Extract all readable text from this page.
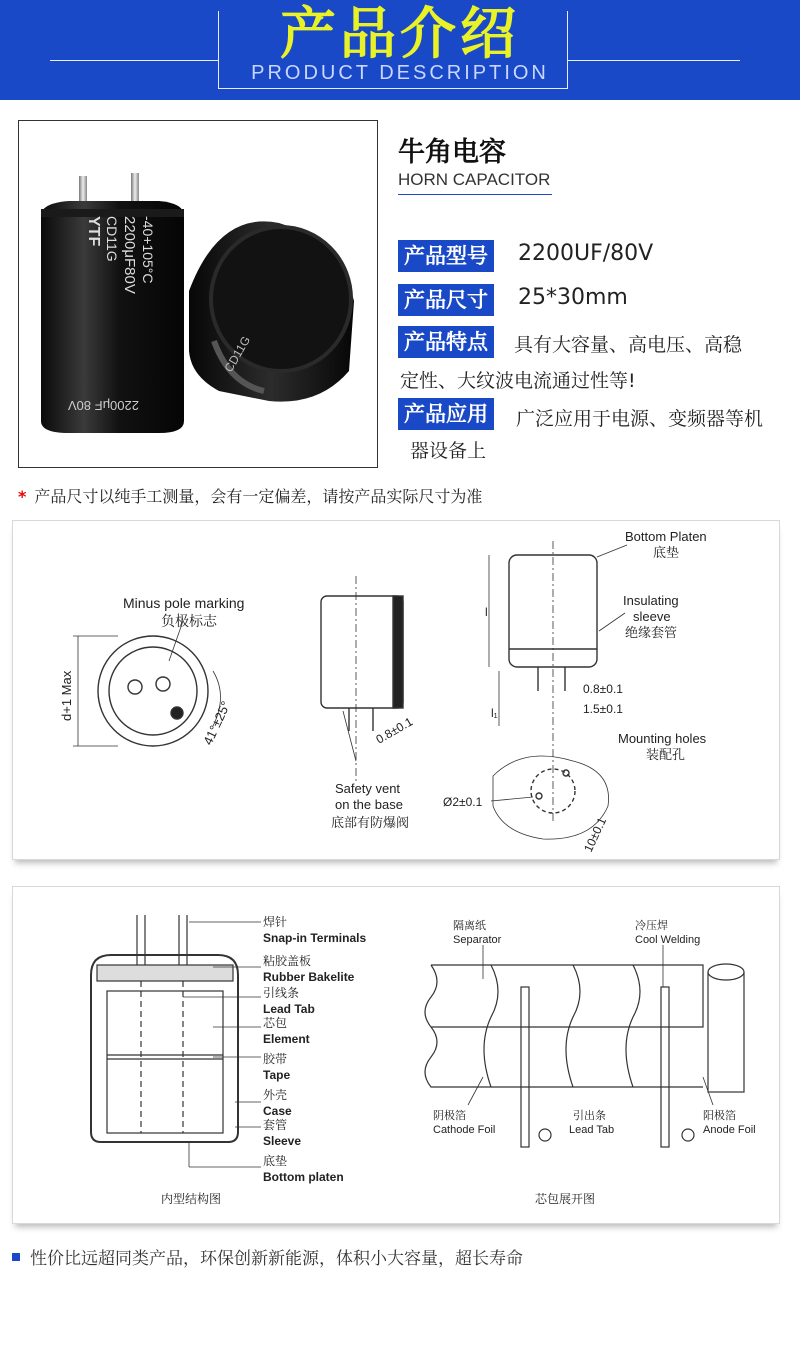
产品介绍
PRODUCT DESCRIPTION
YTF CD11G 2200μF80V -40+105°C
2200μF 80V
CD11G
牛角电容
HORN CAPACITOR
产品型号 2200UF/80V
产品尺寸 25*30mm
产品特点	具有大容量、高电压、高稳
定性、大纹波电流通过性等!
产品应用	广泛应用于电源、变频器等机
器设备上
* 产品尺寸以纯手工测量，会有一定偏差，请按产品实际尺寸为准
Minus pole marking
负极标志
d+1 Max
41°±25°	0.8±0.1
Safety vent
on the base
底部有防爆阀
Bottom Platen
底垫
Insulating
sleeve
绝缘套管
l
l₁
0.8±0.1
1.5±0.1
Mounting holes
装配孔
Ø2±0.1
10±0.1
焊针
Snap-in Terminals
粘胶盖板
Rubber Bakelite
引线条
Lead Tab
芯包
Element
胶带
Tape
外壳
Case
套管
Sleeve
底垫
Bottom platen
内型结构图
隔离纸
Separator
冷压焊
Cool Welding
阴极箔
Cathode Foil
引出条
Lead Tab
阳极箔
Anode Foil
芯包展开图
性价比远超同类产品，环保创新新能源，体积小大容量，超长寿命
